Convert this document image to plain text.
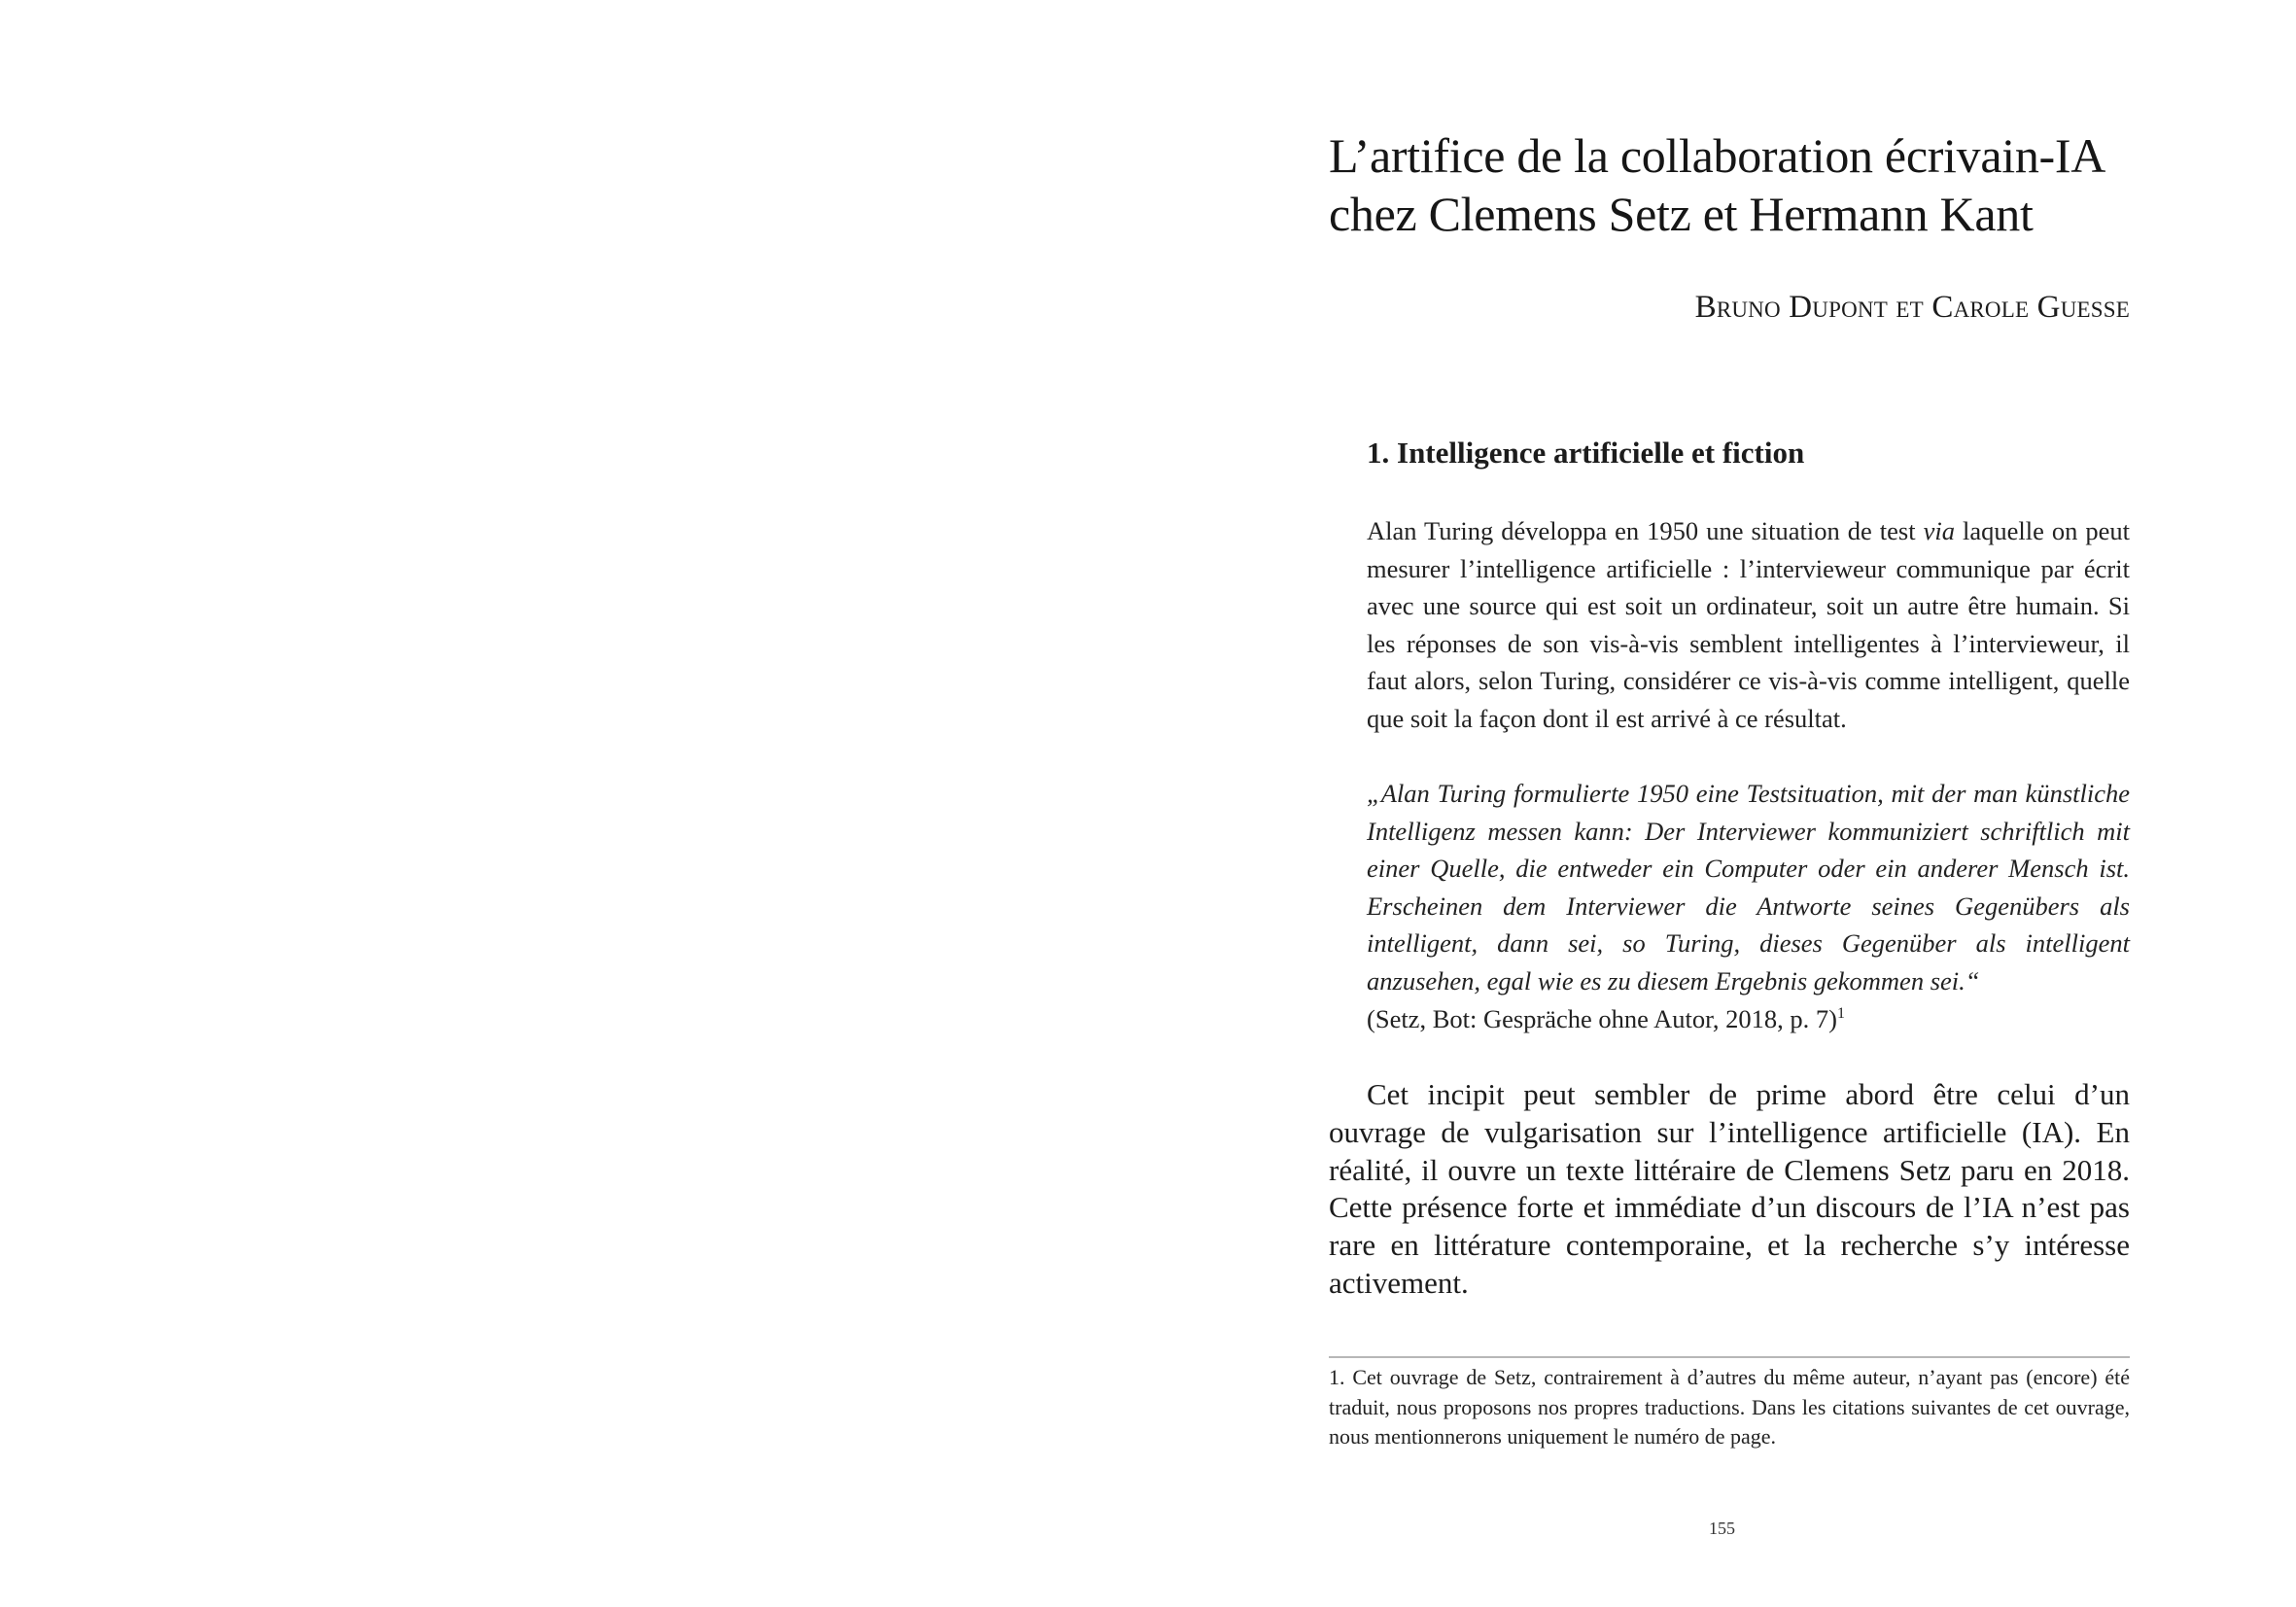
L’artifice de la collaboration écrivain-IA
chez Clemens Setz et Hermann Kant
Bruno Dupont et Carole Guesse
1. Intelligence artificielle et fiction

Alan Turing développa en 1950 une situation de test via laquelle on peut mesurer l’intelligence artificielle : l’intervieweur communique par écrit avec une source qui est soit un ordinateur, soit un autre être humain. Si les réponses de son vis-à-vis semblent intelligentes à l’intervieweur, il faut alors, selon Turing, considérer ce vis-à-vis comme intelligent, quelle que soit la façon dont il est arrivé à ce résultat.

„Alan Turing formulierte 1950 eine Testsituation, mit der man künstliche Intelligenz messen kann: Der Interviewer kommuniziert schriftlich mit einer Quelle, die entweder ein Computer oder ein anderer Mensch ist. Erscheinen dem Interviewer die Antworte seines Gegenübers als intelligent, dann sei, so Turing, dieses Gegenüber als intelligent anzusehen, egal wie es zu diesem Ergebnis gekommen sei.“

(Setz, Bot: Gespräche ohne Autor, 2018, p. 7)$^1$

Cet incipit peut sembler de prime abord être celui d’un ouvrage de vulgarisation sur l’intelligence artificielle (IA). En réalité, il ouvre un texte littéraire de Clemens Setz paru en 2018. Cette présence forte et immédiate d’un discours de l’IA n’est pas rare en littérature contemporaine, et la recherche s’y intéresse activement.

1. Cet ouvrage de Setz, contrairement à d’autres du même auteur, n’ayant pas (encore) été traduit, nous proposons nos propres traductions. Dans les citations suivantes de cet ouvrage, nous mentionnerons uniquement le numéro de page.

155
